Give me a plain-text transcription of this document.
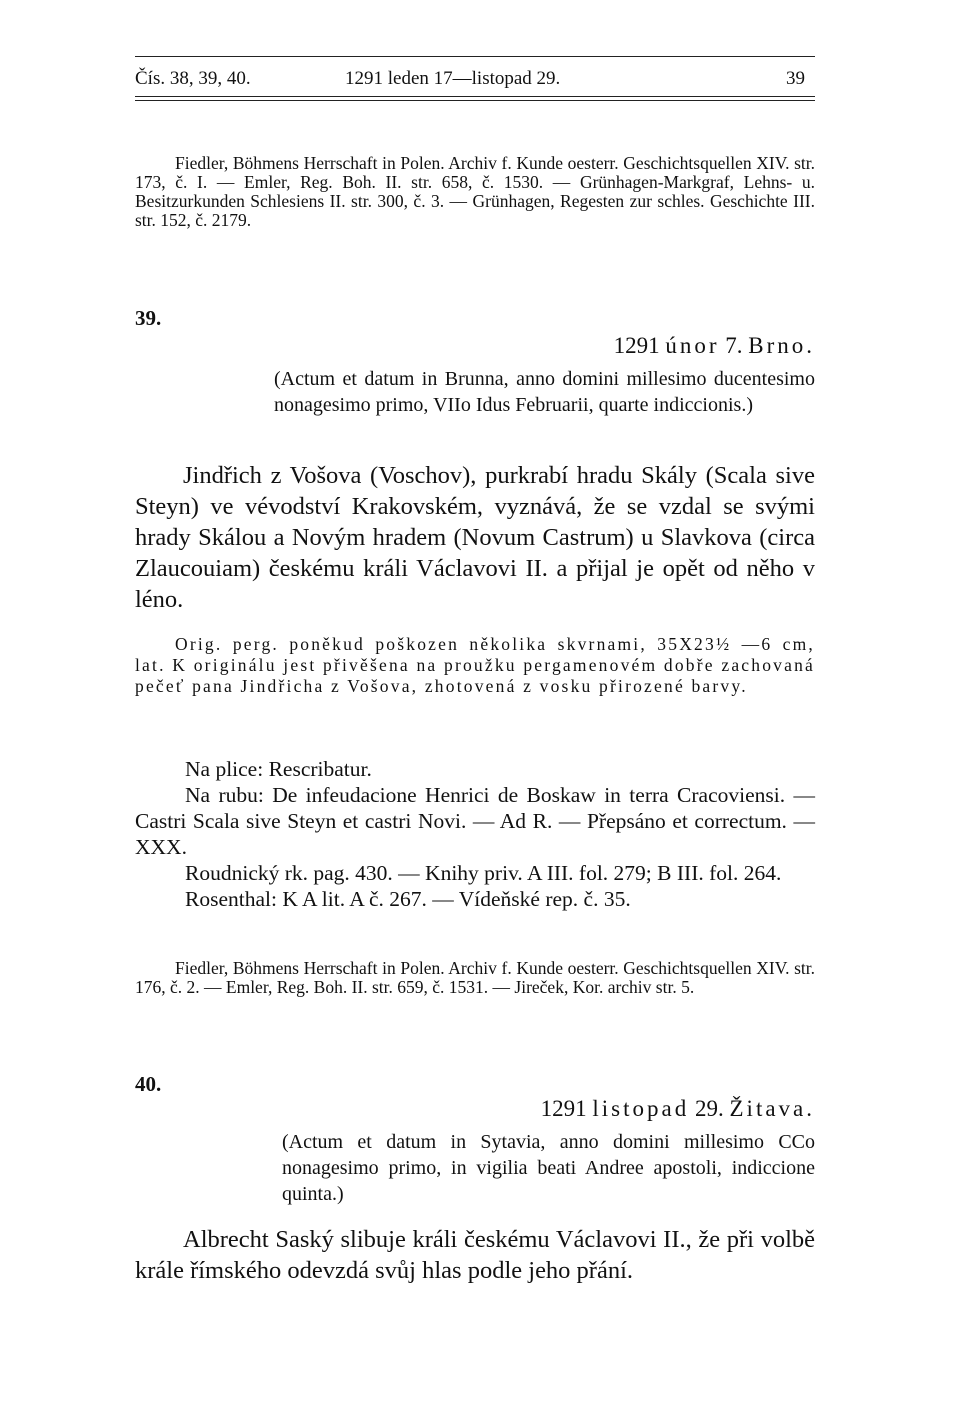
Čís. 38, 39, 40.	1291 leden 17—listopad 29.	39

Fiedler, Böhmens Herrschaft in Polen. Archiv f. Kunde oesterr. Geschichtsquellen XIV. str. 173, č. I. — Emler, Reg. Boh. II. str. 658, č. 1530. — Grünhagen-Markgraf, Lehns- u. Besitzurkunden Schlesiens II. str. 300, č. 3. — Grünhagen, Regesten zur schles. Geschichte III. str. 152, č. 2179.

39.
1291 únor 7. Brno.
(Actum et datum in Brunna, anno domini millesimo ducentesimo nonagesimo primo, VIIo Idus Februarii, quarte indiccionis.)
Jindřich z Vošova (Voschov), purkrabí hradu Skály (Scala sive Steyn) ve vévodství Krakovském, vyznává, že se vzdal se svými hrady Skálou a Novým hradem (Novum Castrum) u Slavkova (circa Zlaucouiam) českému králi Václavovi II. a přijal je opět od něho v léno.
Orig. perg. poněkud poškozen několika skvrnami, 35X23½ —6 cm, lat. K originálu jest přivěšena na proužku pergamenovém dobře zachovaná pečeť pana Jindřicha z Vošova, zhotovená z vosku přirozené barvy.

Na plice: Rescribatur.

Na rubu: De infeudacione Henrici de Boskaw in terra Cracoviensi. — Castri Scala sive Steyn et castri Novi. — Ad R. — Přepsáno et correctum. — XXX.

Roudnický rk. pag. 430. — Knihy priv. A III. fol. 279; B III. fol. 264.

Rosenthal: K A lit. A č. 267. — Vídeňské rep. č. 35.

Fiedler, Böhmens Herrschaft in Polen. Archiv f. Kunde oesterr. Geschichtsquellen XIV. str. 176, č. 2. — Emler, Reg. Boh. II. str. 659, č. 1531. — Jireček, Kor. archiv str. 5.

40.
1291 listopad 29. Žitava.
(Actum et datum in Sytavia, anno domini millesimo CCo nonagesimo primo, in vigilia beati Andree apostoli, indiccione quinta.)
Albrecht Saský slibuje králi českému Václavovi II., že při volbě krále římského odevzdá svůj hlas podle jeho přání.
